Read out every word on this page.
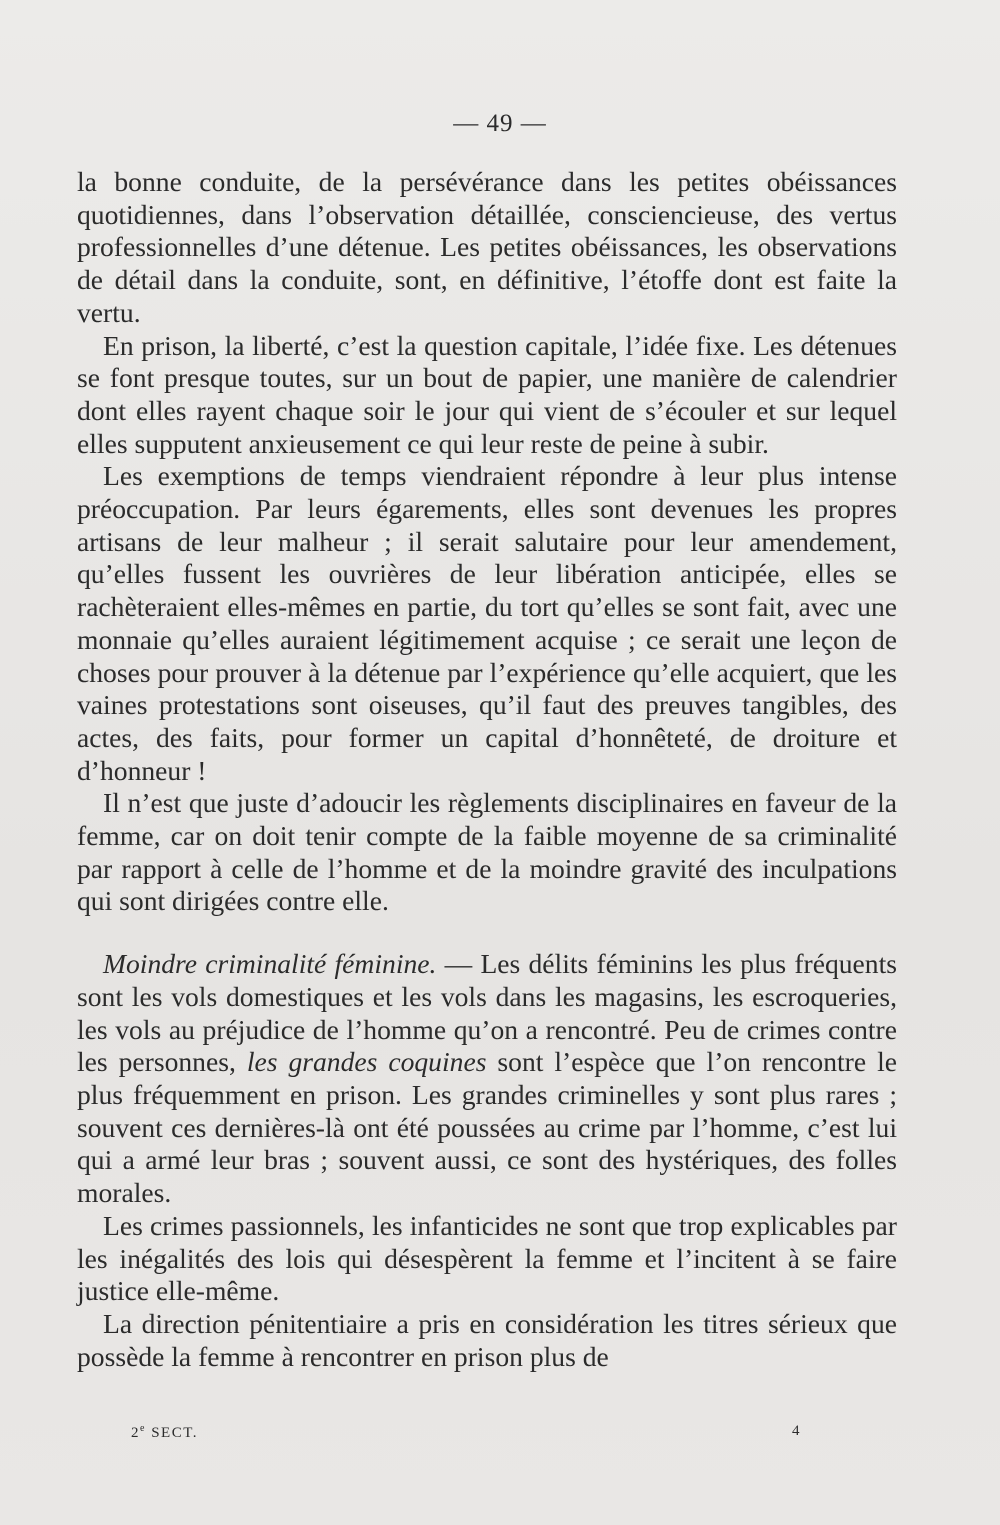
— 49 —

la bonne conduite, de la persévérance dans les petites obéissances quotidiennes, dans l’observation détaillée, consciencieuse, des vertus professionnelles d’une détenue. Les petites obéissances, les observations de détail dans la conduite, sont, en définitive, l’étoffe dont est faite la vertu.

En prison, la liberté, c’est la question capitale, l’idée fixe. Les détenues se font presque toutes, sur un bout de papier, une manière de calendrier dont elles rayent chaque soir le jour qui vient de s’écouler et sur lequel elles supputent anxieusement ce qui leur reste de peine à subir.

Les exemptions de temps viendraient répondre à leur plus intense préoccupation. Par leurs égarements, elles sont devenues les propres artisans de leur malheur ; il serait salutaire pour leur amendement, qu’elles fussent les ouvrières de leur libération anticipée, elles se rachèteraient elles-mêmes en partie, du tort qu’elles se sont fait, avec une monnaie qu’elles auraient légitimement acquise ; ce serait une leçon de choses pour prouver à la détenue par l’expérience qu’elle acquiert, que les vaines protestations sont oiseuses, qu’il faut des preuves tangibles, des actes, des faits, pour former un capital d’honnêteté, de droiture et d’honneur !

Il n’est que juste d’adoucir les règlements disciplinaires en faveur de la femme, car on doit tenir compte de la faible moyenne de sa criminalité par rapport à celle de l’homme et de la moindre gravité des inculpations qui sont dirigées contre elle.

Moindre criminalité féminine. — Les délits féminins les plus fréquents sont les vols domestiques et les vols dans les magasins, les escroqueries, les vols au préjudice de l’homme qu’on a rencontré. Peu de crimes contre les personnes, les grandes coquines sont l’espèce que l’on rencontre le plus fréquemment en prison. Les grandes criminelles y sont plus rares ; souvent ces dernières-là ont été poussées au crime par l’homme, c’est lui qui a armé leur bras ; souvent aussi, ce sont des hystériques, des folles morales.

Les crimes passionnels, les infanticides ne sont que trop explicables par les inégalités des lois qui désespèrent la femme et l’incitent à se faire justice elle-même.

La direction pénitentiaire a pris en considération les titres sérieux que possède la femme à rencontrer en prison plus de

2e SECT.	4
